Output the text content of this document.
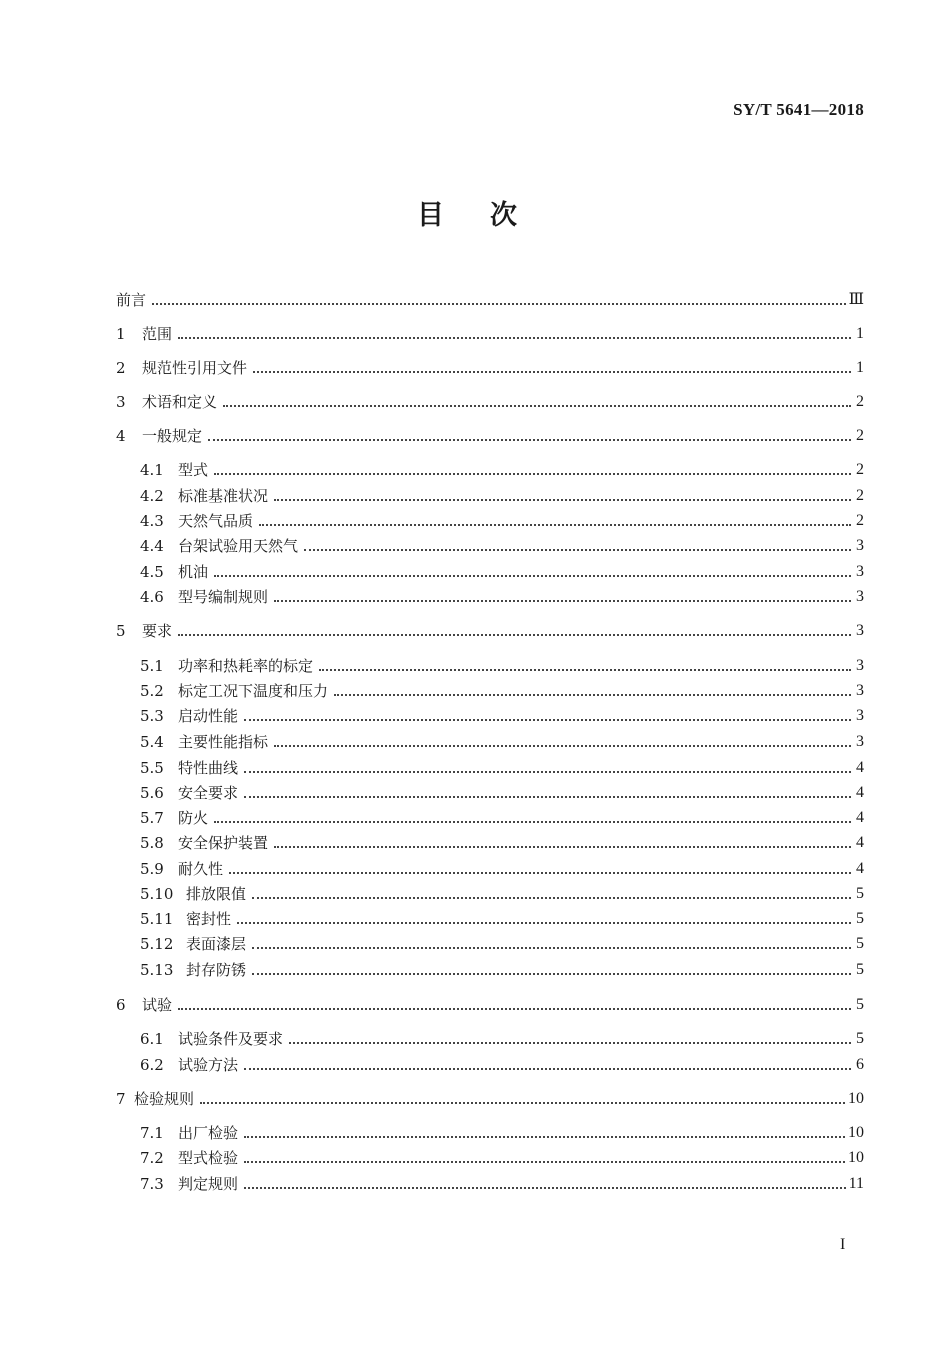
SY/T 5641—2018
目次
前言	Ⅲ
1	范围	1
2	规范性引用文件	1
3	术语和定义	2
4	一般规定	2
4.1 型式	2
4.2 标准基准状况	2
4.3 天然气品质	2
4.4 台架试验用天然气	3
4.5 机油	3
4.6 型号编制规则	3
5	要求	3
5.1 功率和热耗率的标定	3
5.2 标定工况下温度和压力	3
5.3 启动性能	3
5.4 主要性能指标	3
5.5 特性曲线	4
5.6 安全要求	4
5.7 防火	4
5.8 安全保护装置	4
5.9 耐久性	4
5.10 排放限值	5
5.11 密封性	5
5.12 表面漆层	5
5.13 封存防锈	5
6	试验	5
6.1 试验条件及要求	5
6.2 试验方法	6
7 检验规则	10
7.1 出厂检验	10
7.2 型式检验	10
7.3 判定规则	11
I
